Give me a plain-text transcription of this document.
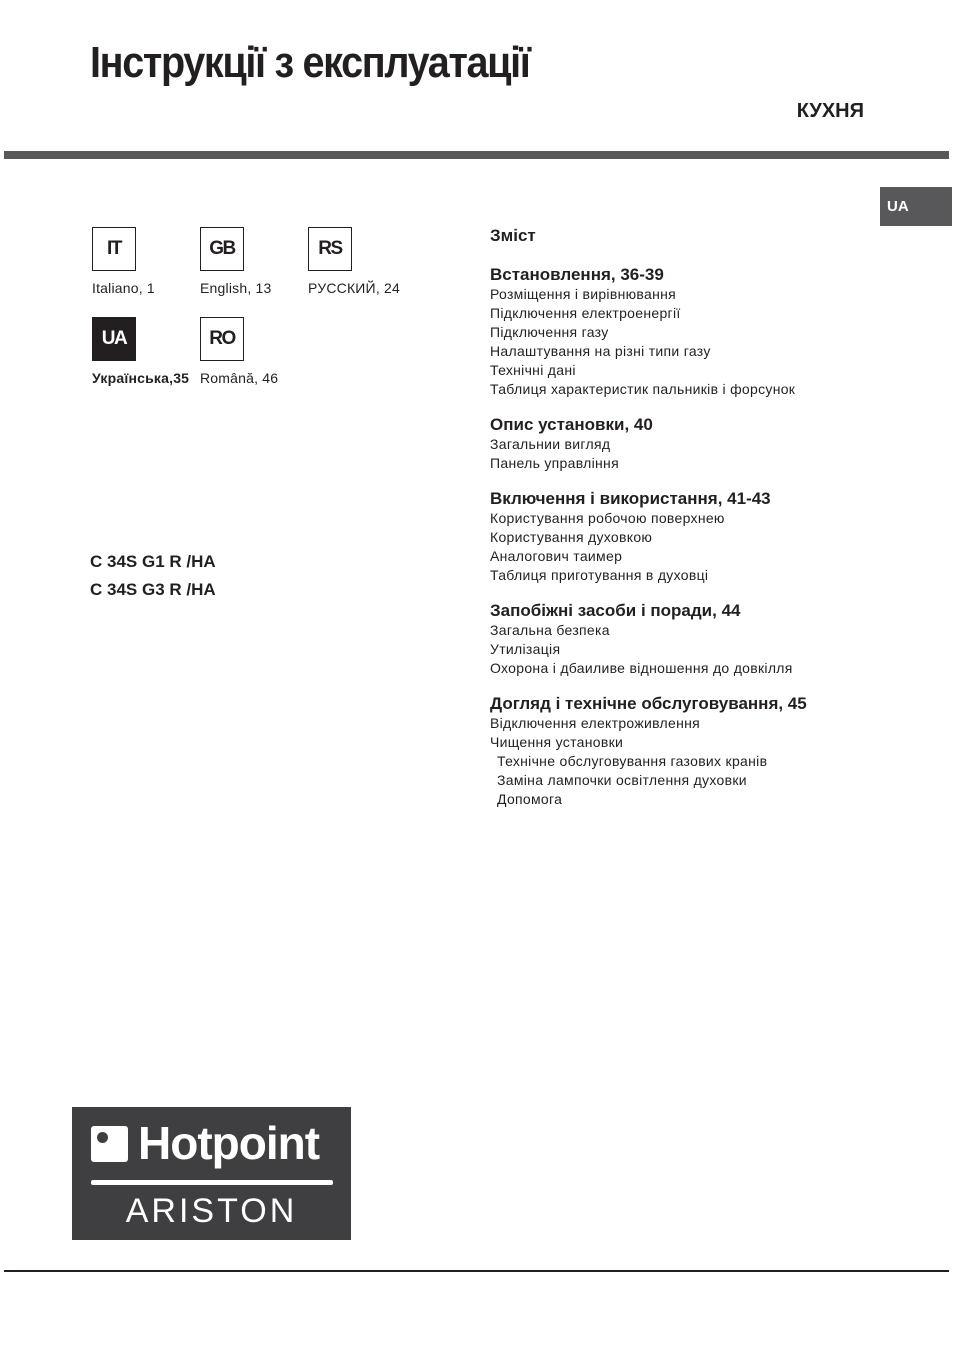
Інструкції з експлуатації
КУХНЯ
UA
IT
Italiano, 1
GB
English, 13
RS
РУССКИЙ, 24
UA
Українська,35
RO
Română, 46
C 34S G1 R /HA
C 34S G3 R /HA
Зміст
Встановлення, 36-39
Розміщення і вирівнювання
Підключення електроенергії
Підключення газу
Налаштування на різні типи газу
Технічні дані
Таблиця характеристик пальників і форсунок
Опис установки, 40
Загальнии вигляд
Панель управління
Включення і використання, 41-43
Користування робочою поверхнею
Користування духовкою
Аналогович таимер
Таблиця приготування в духовці
Запобіжні засоби і поради, 44
Загальна безпека
Утилізація
Охорона і дбаиливе відношення до довкілля
Догляд і технічне обслуговування, 45
Відключення електроживлення
Чищення установки
Технічне обслуговування газових кранів
Заміна лампочки освітлення духовки
Допомога
Hotpoint
ARISTON
